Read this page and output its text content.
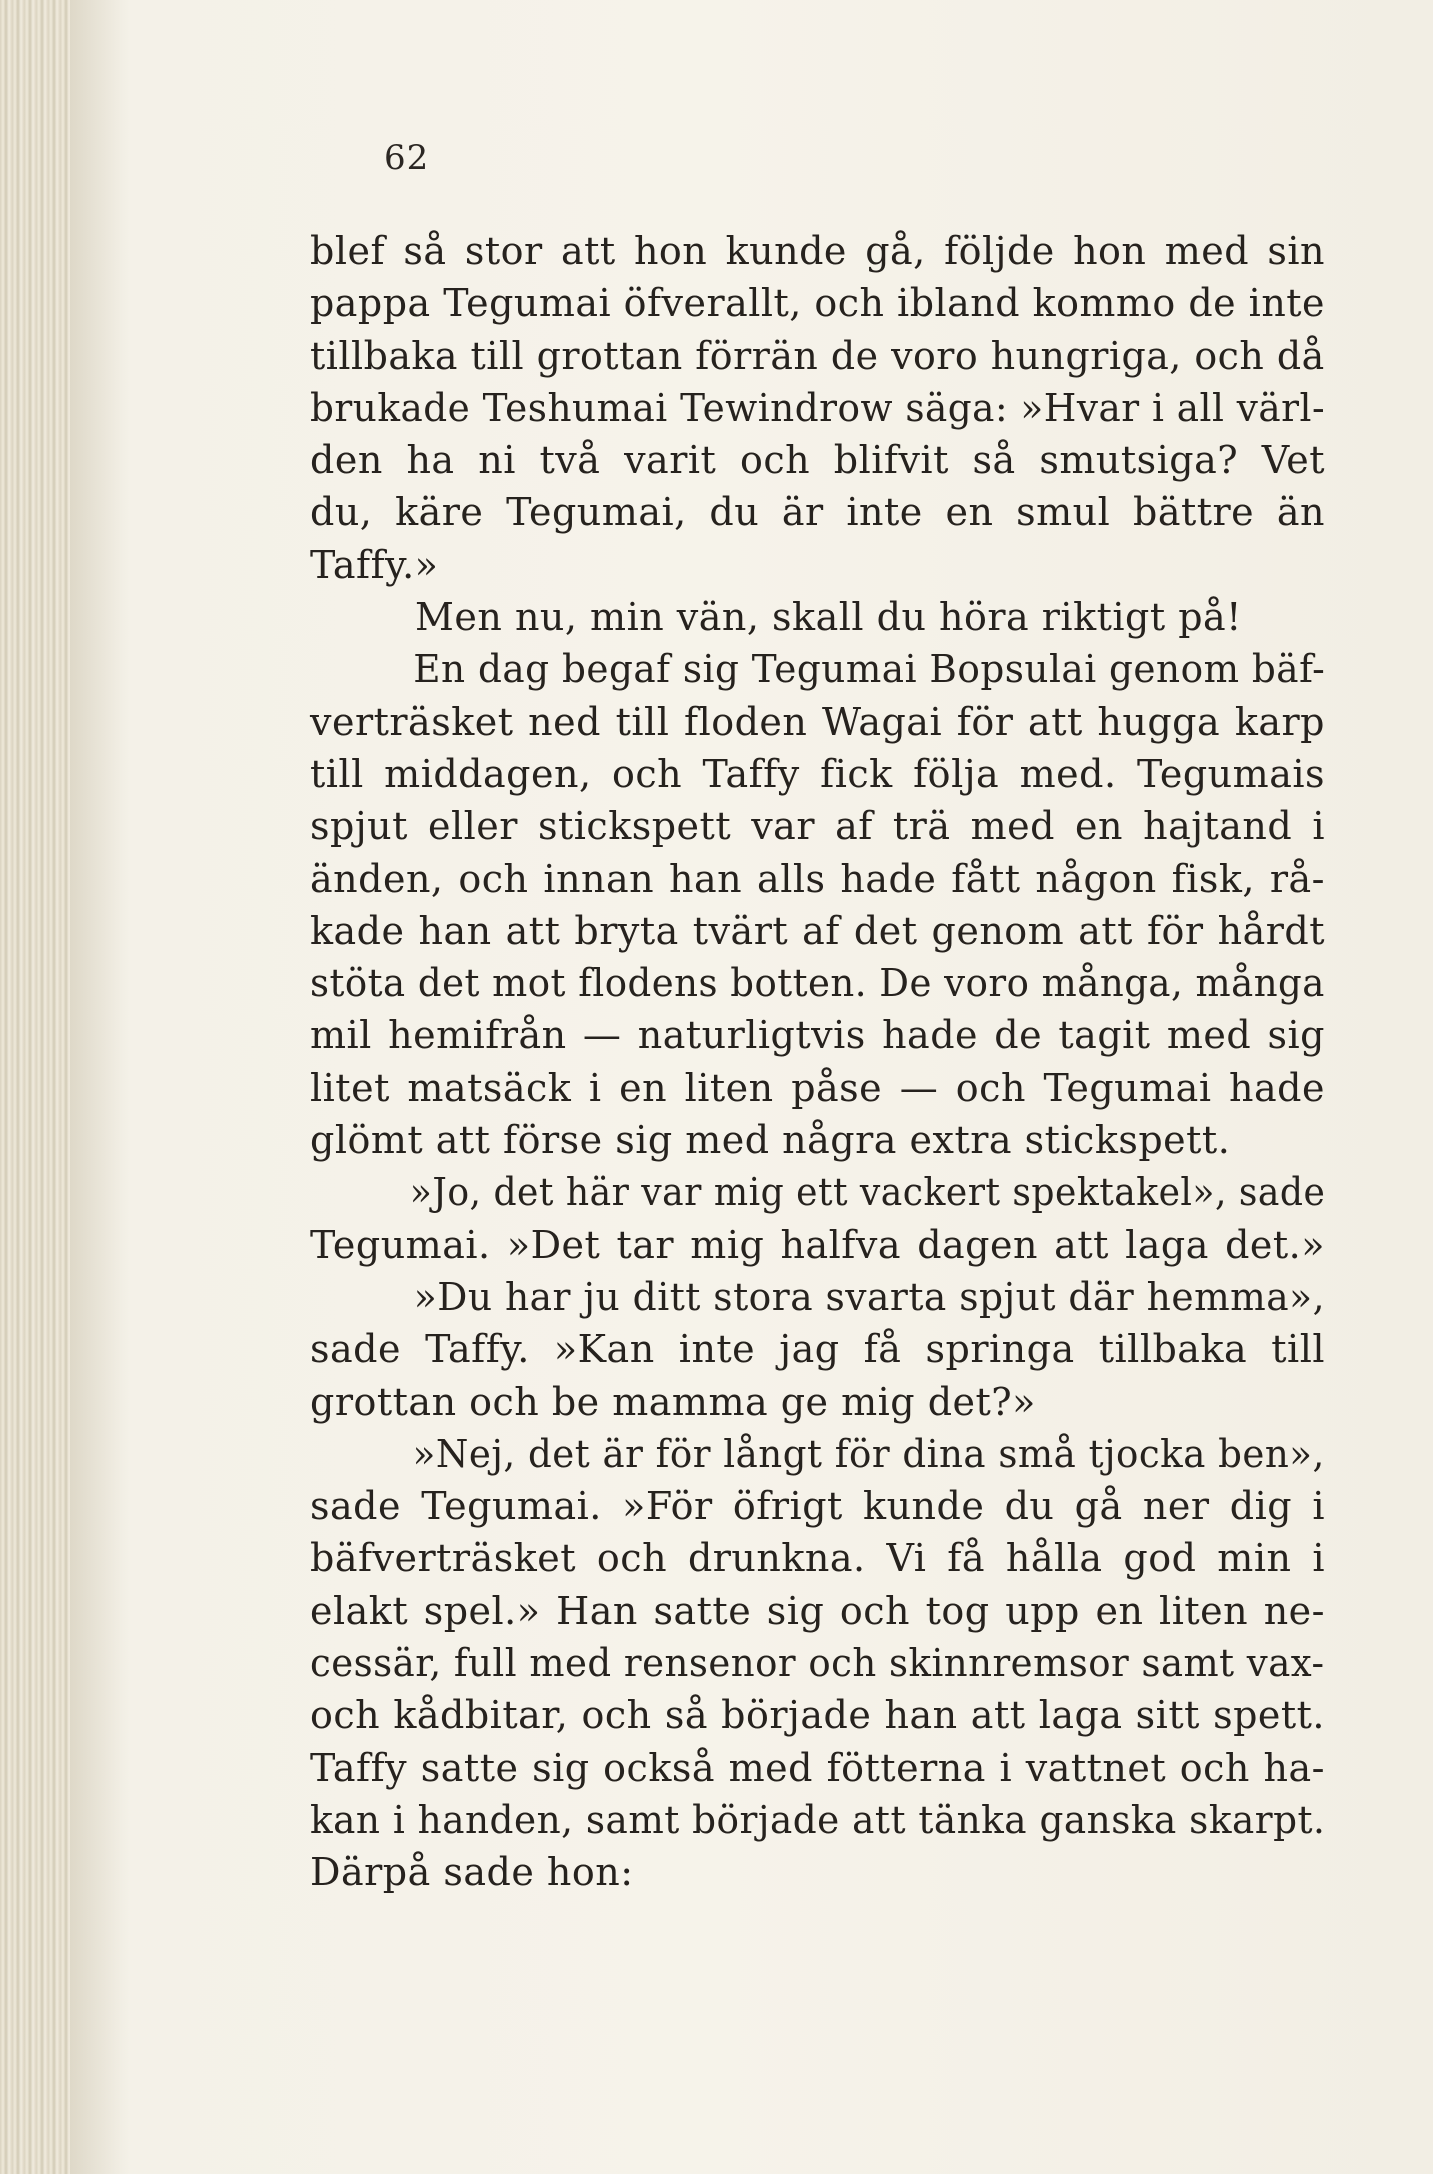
62
blef så stor att hon kunde gå, följde hon med sin
pappa Tegumai öfverallt, och ibland kommo de inte
tillbaka till grottan förrän de voro hungriga, och då
brukade Teshumai Tewindrow säga: »Hvar i all värl-
den ha ni två varit och blifvit så smutsiga? Vet
du, käre Tegumai, du är inte en smul bättre än
Taffy.»
Men nu, min vän, skall du höra riktigt på!
En dag begaf sig Tegumai Bopsulai genom bäf-
verträsket ned till floden Wagai för att hugga karp
till middagen, och Taffy fick följa med. Tegumais
spjut eller stickspett var af trä med en hajtand i
änden, och innan han alls hade fått någon fisk, rå-
kade han att bryta tvärt af det genom att för hårdt
stöta det mot flodens botten. De voro många, många
mil hemifrån — naturligtvis hade de tagit med sig
litet matsäck i en liten påse — och Tegumai hade
glömt att förse sig med några extra stickspett.
»Jo, det här var mig ett vackert spektakel», sade
Tegumai. »Det tar mig halfva dagen att laga det.»
»Du har ju ditt stora svarta spjut där hemma»,
sade Taffy. »Kan inte jag få springa tillbaka till
grottan och be mamma ge mig det?»
»Nej, det är för långt för dina små tjocka ben»,
sade Tegumai. »För öfrigt kunde du gå ner dig i
bäfverträsket och drunkna. Vi få hålla god min i
elakt spel.» Han satte sig och tog upp en liten ne-
cessär, full med rensenor och skinnremsor samt vax-
och kådbitar, och så började han att laga sitt spett.
Taffy satte sig också med fötterna i vattnet och ha-
kan i handen, samt började att tänka ganska skarpt.
Därpå sade hon:
